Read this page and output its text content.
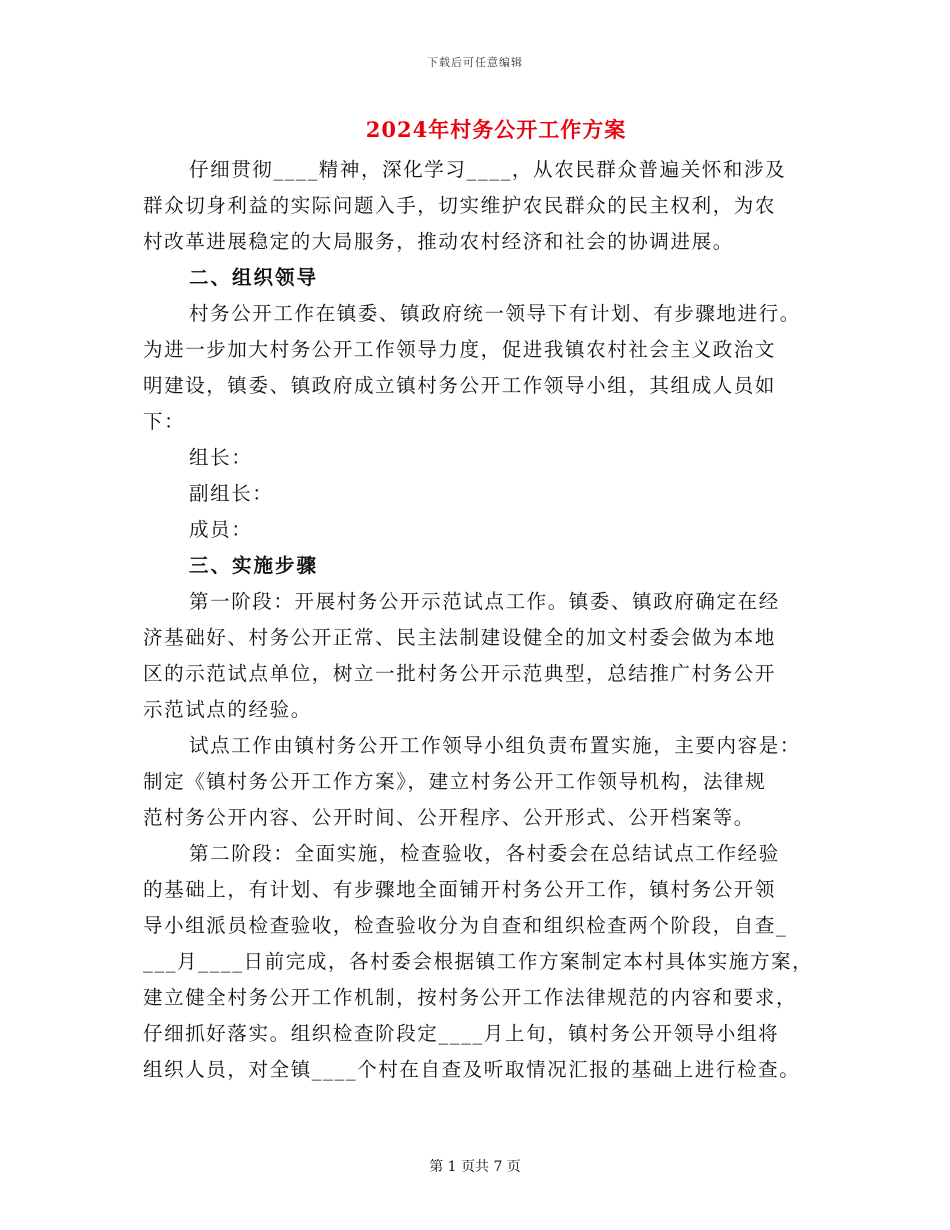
下载后可任意编辑
2024年村务公开工作方案
仔细贯彻____精神，深化学习____，从农民群众普遍关怀和涉及
群众切身利益的实际问题入手，切实维护农民群众的民主权利，为农
村改革进展稳定的大局服务，推动农村经济和社会的协调进展。
二、组织领导
村务公开工作在镇委、镇政府统一领导下有计划、有步骤地进行。
为进一步加大村务公开工作领导力度，促进我镇农村社会主义政治文
明建设，镇委、镇政府成立镇村务公开工作领导小组，其组成人员如
下：
组长：
副组长：
成员：
三、实施步骤
第一阶段：开展村务公开示范试点工作。镇委、镇政府确定在经
济基础好、村务公开正常、民主法制建设健全的加文村委会做为本地
区的示范试点单位，树立一批村务公开示范典型，总结推广村务公开
示范试点的经验。
试点工作由镇村务公开工作领导小组负责布置实施，主要内容是：
制定《镇村务公开工作方案》，建立村务公开工作领导机构，法律规
范村务公开内容、公开时间、公开程序、公开形式、公开档案等。
第二阶段：全面实施，检查验收，各村委会在总结试点工作经验
的基础上，有计划、有步骤地全面铺开村务公开工作，镇村务公开领
导小组派员检查验收，检查验收分为自查和组织检查两个阶段，自查_
___月____日前完成，各村委会根据镇工作方案制定本村具体实施方案，
建立健全村务公开工作机制，按村务公开工作法律规范的内容和要求，
仔细抓好落实。组织检查阶段定____月上旬，镇村务公开领导小组将
组织人员，对全镇____个村在自查及听取情况汇报的基础上进行检查。
第 1 页共 7 页
